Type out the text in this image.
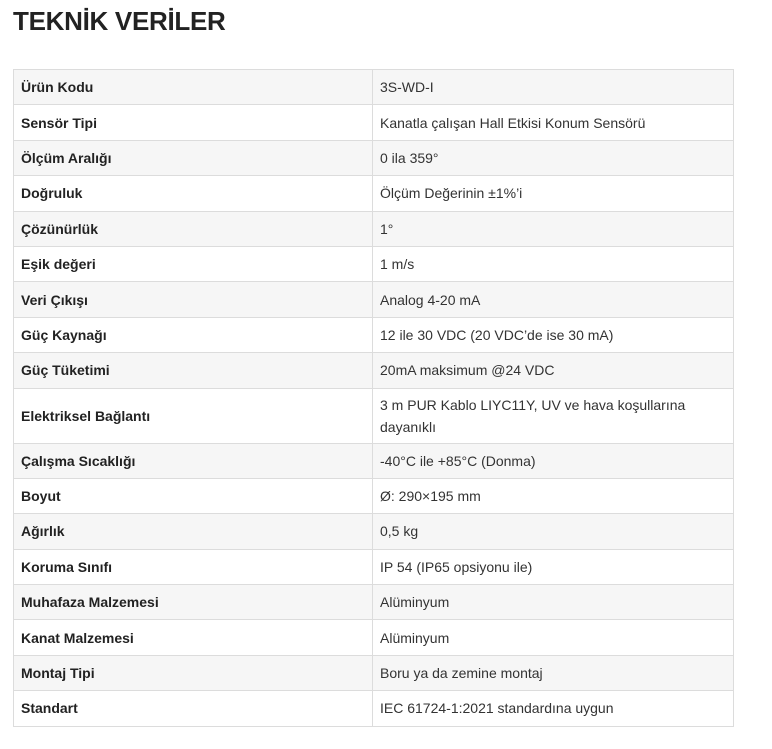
TEKNİK VERİLER
Ürün Kodu	3S-WD-I
Sensör Tipi	Kanatla çalışan Hall Etkisi Konum Sensörü
Ölçüm Aralığı	0 ila 359°
Doğruluk	Ölçüm Değerinin ±1%’i
Çözünürlük	1°
Eşik değeri	1 m/s
Veri Çıkışı	Analog 4-20 mA
Güç Kaynağı	12 ile 30 VDC (20 VDC’de ise 30 mA)
Güç Tüketimi	20mA maksimum @24 VDC
Elektriksel Bağlantı	3 m PUR Kablo LIYC11Y, UV ve hava koşullarına dayanıklı
Çalışma Sıcaklığı	-40°C ile +85°C (Donma)
Boyut	Ø: 290×195 mm
Ağırlık	0,5 kg
Koruma Sınıfı	IP 54 (IP65 opsiyonu ile)
Muhafaza Malzemesi	Alüminyum
Kanat Malzemesi	Alüminyum
Montaj Tipi	Boru ya da zemine montaj
Standart	IEC 61724-1:2021 standardına uygun
